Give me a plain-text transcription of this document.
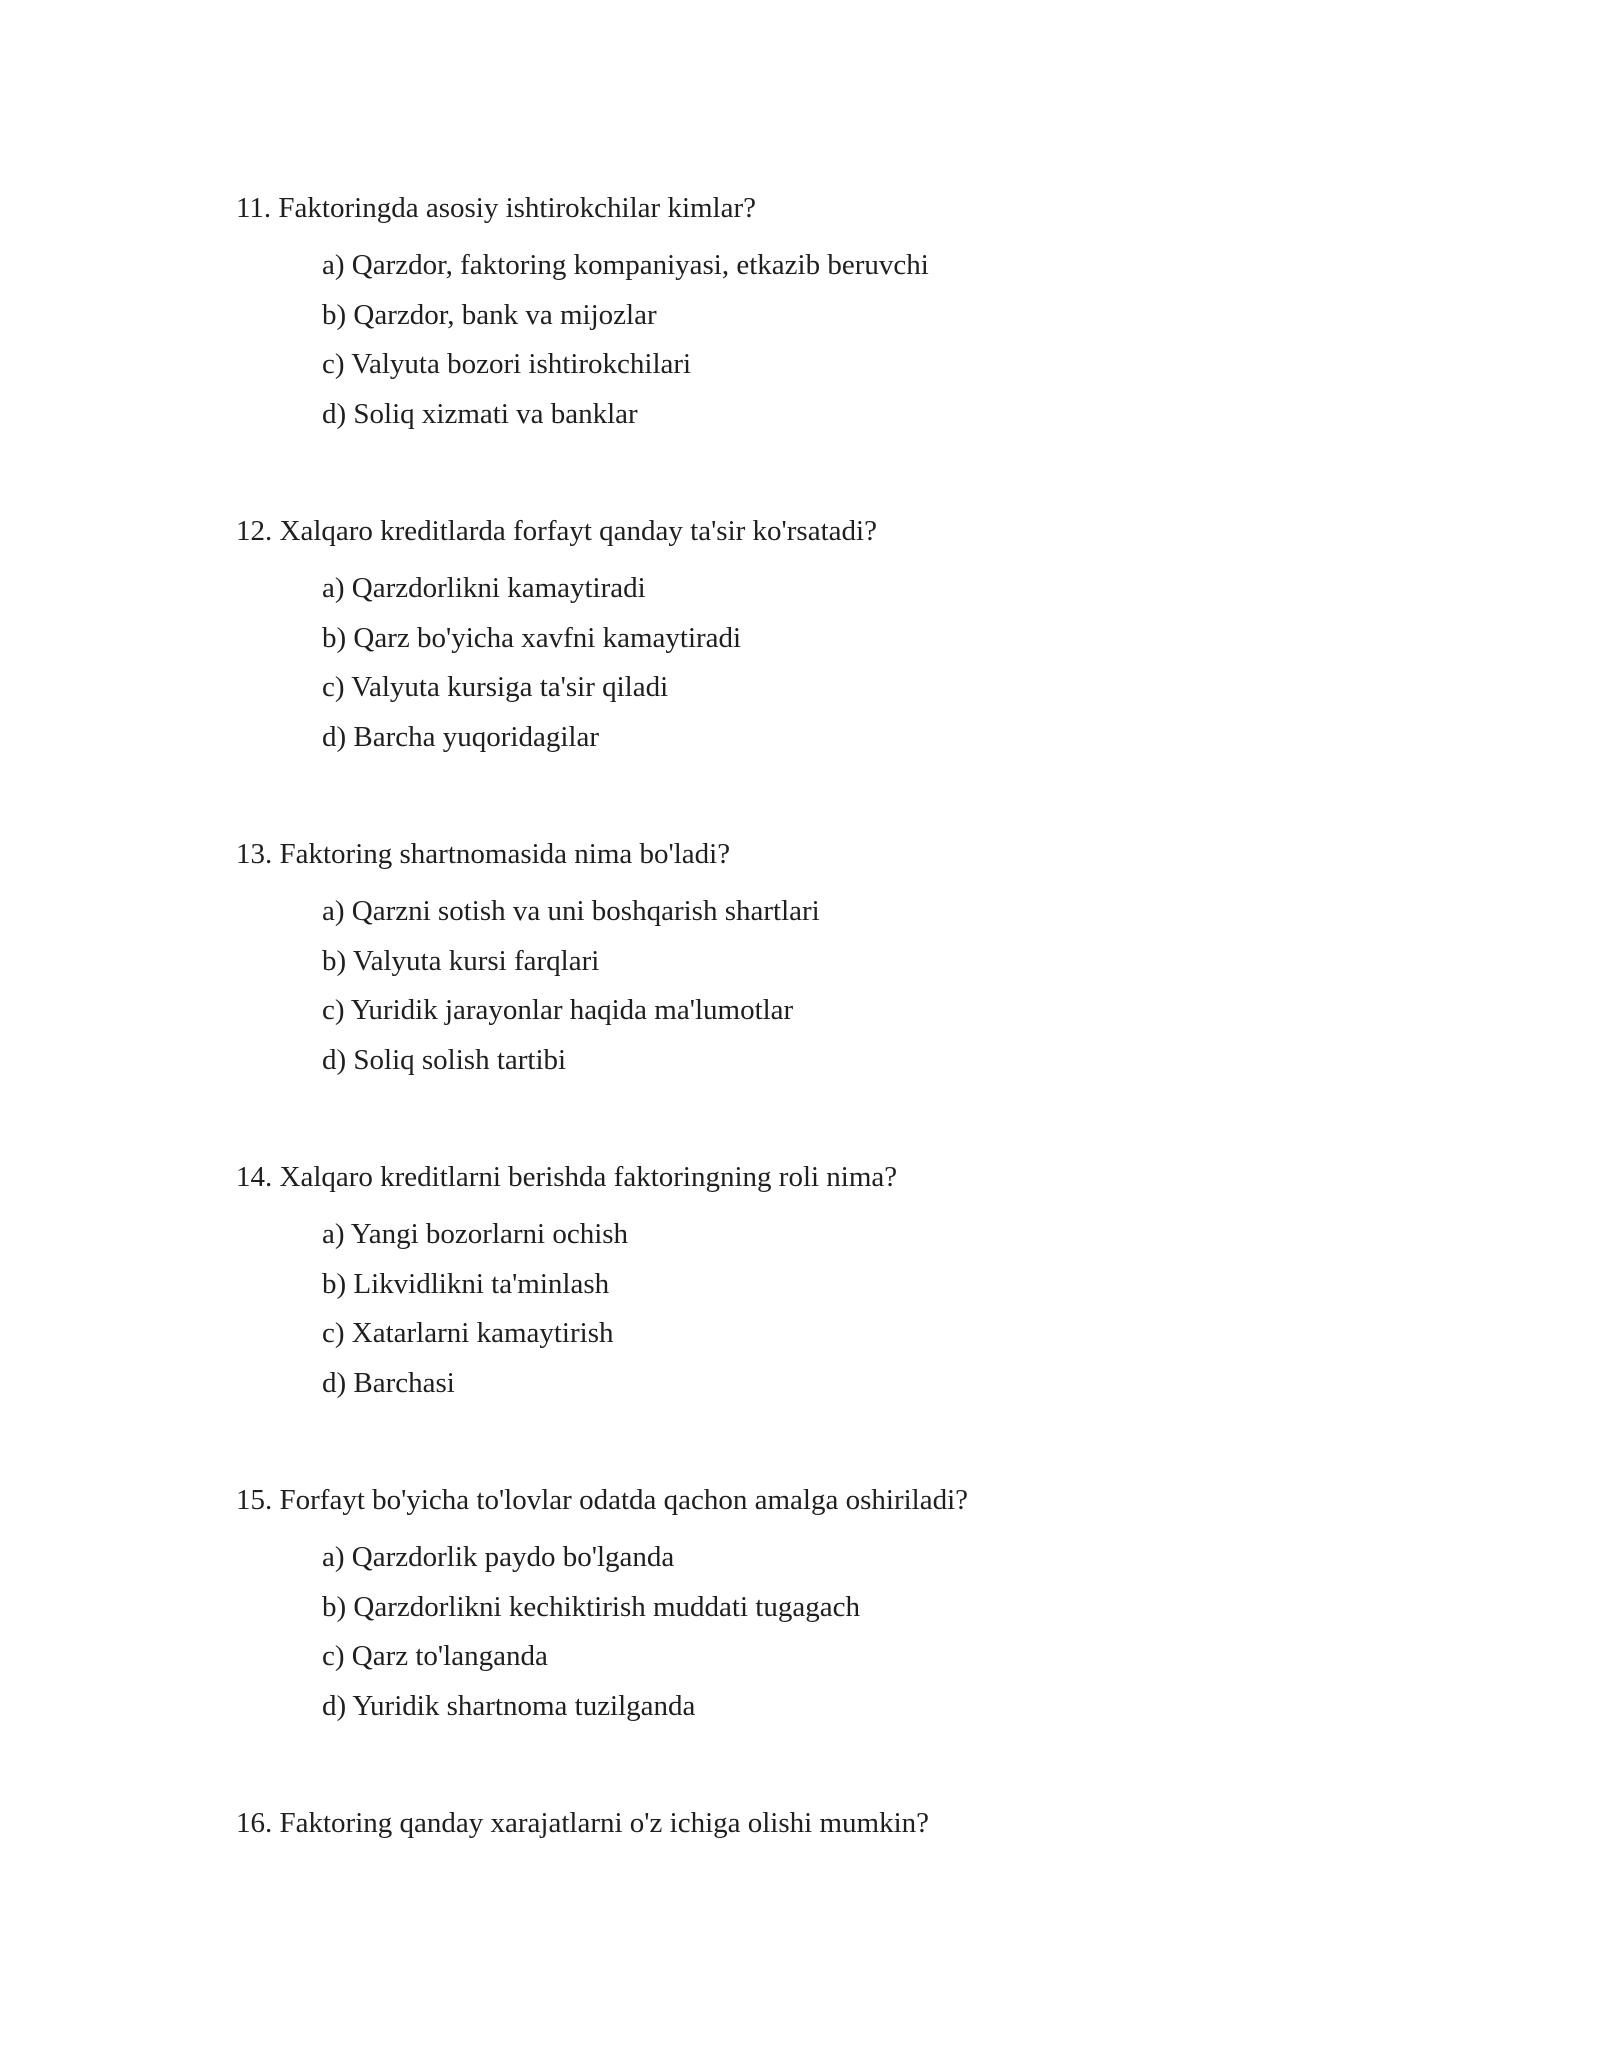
11. Faktoringda asosiy ishtirokchilar kimlar?

a) Qarzdor, faktoring kompaniyasi, etkazib beruvchi
b) Qarzdor, bank va mijozlar
c) Valyuta bozori ishtirokchilari
d) Soliq xizmati va banklar

12. Xalqaro kreditlarda forfayt qanday ta'sir ko'rsatadi?

a) Qarzdorlikni kamaytiradi
b) Qarz bo'yicha xavfni kamaytiradi
c) Valyuta kursiga ta'sir qiladi
d) Barcha yuqoridagilar

13. Faktoring shartnomasida nima bo'ladi?

a) Qarzni sotish va uni boshqarish shartlari
b) Valyuta kursi farqlari
c) Yuridik jarayonlar haqida ma'lumotlar
d) Soliq solish tartibi

14. Xalqaro kreditlarni berishda faktoringning roli nima?

a) Yangi bozorlarni ochish
b) Likvidlikni ta'minlash
c) Xatarlarni kamaytirish
d) Barchasi

15. Forfayt bo'yicha to'lovlar odatda qachon amalga oshiriladi?

a) Qarzdorlik paydo bo'lganda
b) Qarzdorlikni kechiktirish muddati tugagach
c) Qarz to'langanda
d) Yuridik shartnoma tuzilganda

16. Faktoring qanday xarajatlarni o'z ichiga olishi mumkin?
